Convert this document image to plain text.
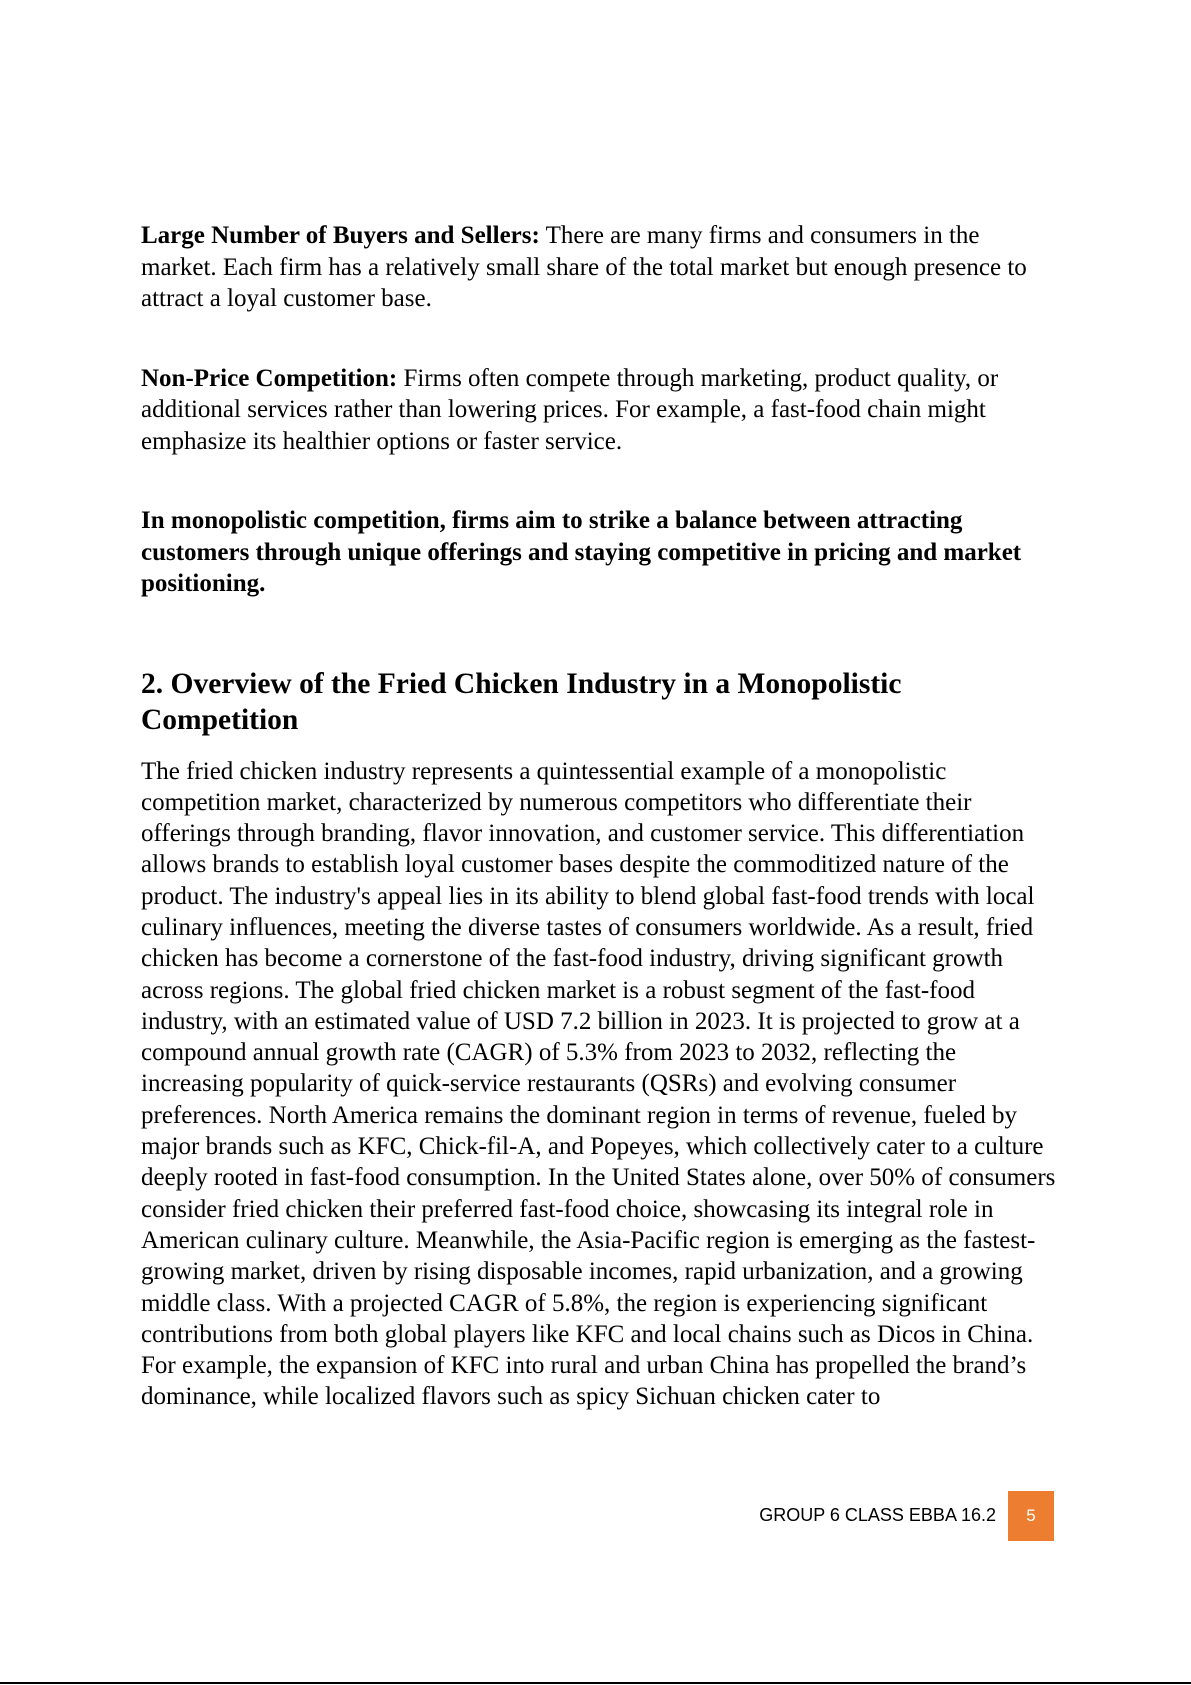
Large Number of Buyers and Sellers: There are many firms and consumers in the market. Each firm has a relatively small share of the total market but enough presence to attract a loyal customer base.

Non-Price Competition: Firms often compete through marketing, product quality, or additional services rather than lowering prices. For example, a fast-food chain might emphasize its healthier options or faster service.

In monopolistic competition, firms aim to strike a balance between attracting customers through unique offerings and staying competitive in pricing and market positioning.

2. Overview of the Fried Chicken Industry in a Monopolistic Competition

The fried chicken industry represents a quintessential example of a monopolistic competition market, characterized by numerous competitors who differentiate their offerings through branding, flavor innovation, and customer service. This differentiation allows brands to establish loyal customer bases despite the commoditized nature of the product. The industry's appeal lies in its ability to blend global fast-food trends with local culinary influences, meeting the diverse tastes of consumers worldwide. As a result, fried chicken has become a cornerstone of the fast-food industry, driving significant growth across regions. The global fried chicken market is a robust segment of the fast-food industry, with an estimated value of USD 7.2 billion in 2023. It is projected to grow at a compound annual growth rate (CAGR) of 5.3% from 2023 to 2032, reflecting the increasing popularity of quick-service restaurants (QSRs) and evolving consumer preferences. North America remains the dominant region in terms of revenue, fueled by major brands such as KFC, Chick-fil-A, and Popeyes, which collectively cater to a culture deeply rooted in fast-food consumption. In the United States alone, over 50% of consumers consider fried chicken their preferred fast-food choice, showcasing its integral role in American culinary culture. Meanwhile, the Asia-Pacific region is emerging as the fastest-growing market, driven by rising disposable incomes, rapid urbanization, and a growing middle class. With a projected CAGR of 5.8%, the region is experiencing significant contributions from both global players like KFC and local chains such as Dicos in China. For example, the expansion of KFC into rural and urban China has propelled the brand’s dominance, while localized flavors such as spicy Sichuan chicken cater to

GROUP 6 CLASS EBBA 16.2	5
